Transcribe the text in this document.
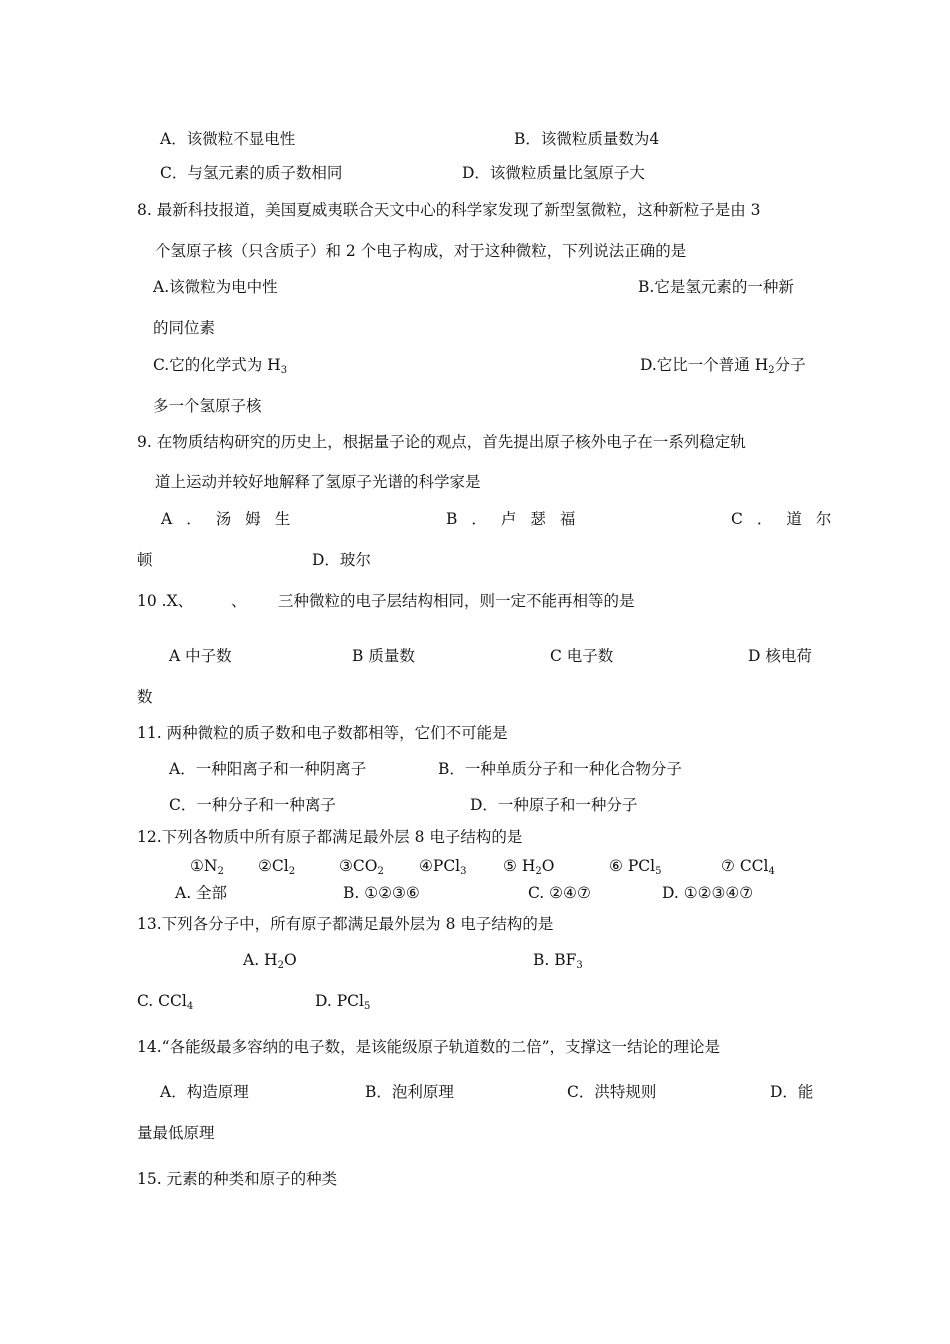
A．该微粒不显电性	B．该微粒质量数为4
C．与氢元素的质子数相同	D．该微粒质量比氢原子大
8. 最新科技报道，美国夏威夷联合天文中心的科学家发现了新型氢微粒，这种新粒子是由 3
个氢原子核（只含质子）和 2 个电子构成，对于这种微粒，下列说法正确的是
A.该微粒为电中性	B.它是氢元素的一种新
的同位素
C.它的化学式为 $H_3$	D.它比一个普通 $H_2$分子
多一个氢原子核
9. 在物质结构研究的历史上，根据量子论的观点，首先提出原子核外电子在一系列稳定轨
道上运动并较好地解释了氢原子光谱的科学家是
A．汤姆生	B．卢瑟福	C．道尔
顿	D．玻尔
10 .X、 、 三种微粒的电子层结构相同，则一定不能再相等的是
A 中子数	B 质量数	C 电子数	D 核电荷
数
11. 两种微粒的质子数和电子数都相等，它们不可能是
A．一种阳离子和一种阴离子	B．一种单质分子和一种化合物分子
C．一种分子和一种离子	D．一种原子和一种分子
12.下列各物质中所有原子都满足最外层 8 电子结构的是
$①N_2$ $②Cl_2$	$③CO_2$ ④PCl$_3$ ⑤ $H_2O$	⑥ PCl$_5$	⑦ CCl$_4$
A. 全部	B. ①②③⑥	C. ②④⑦	D. ①②③④⑦
13.下列各分子中，所有原子都满足最外层为 8 电子结构的是
A. $H_2O$	B. $BF_3$
C. CCl$_4$	D. PCl$_5$
14.“各能级最多容纳的电子数，是该能级原子轨道数的二倍”，支撑这一结论的理论是
A．构造原理	B．泡利原理	C．洪特规则	D．能
量最低原理
15. 元素的种类和原子的种类
